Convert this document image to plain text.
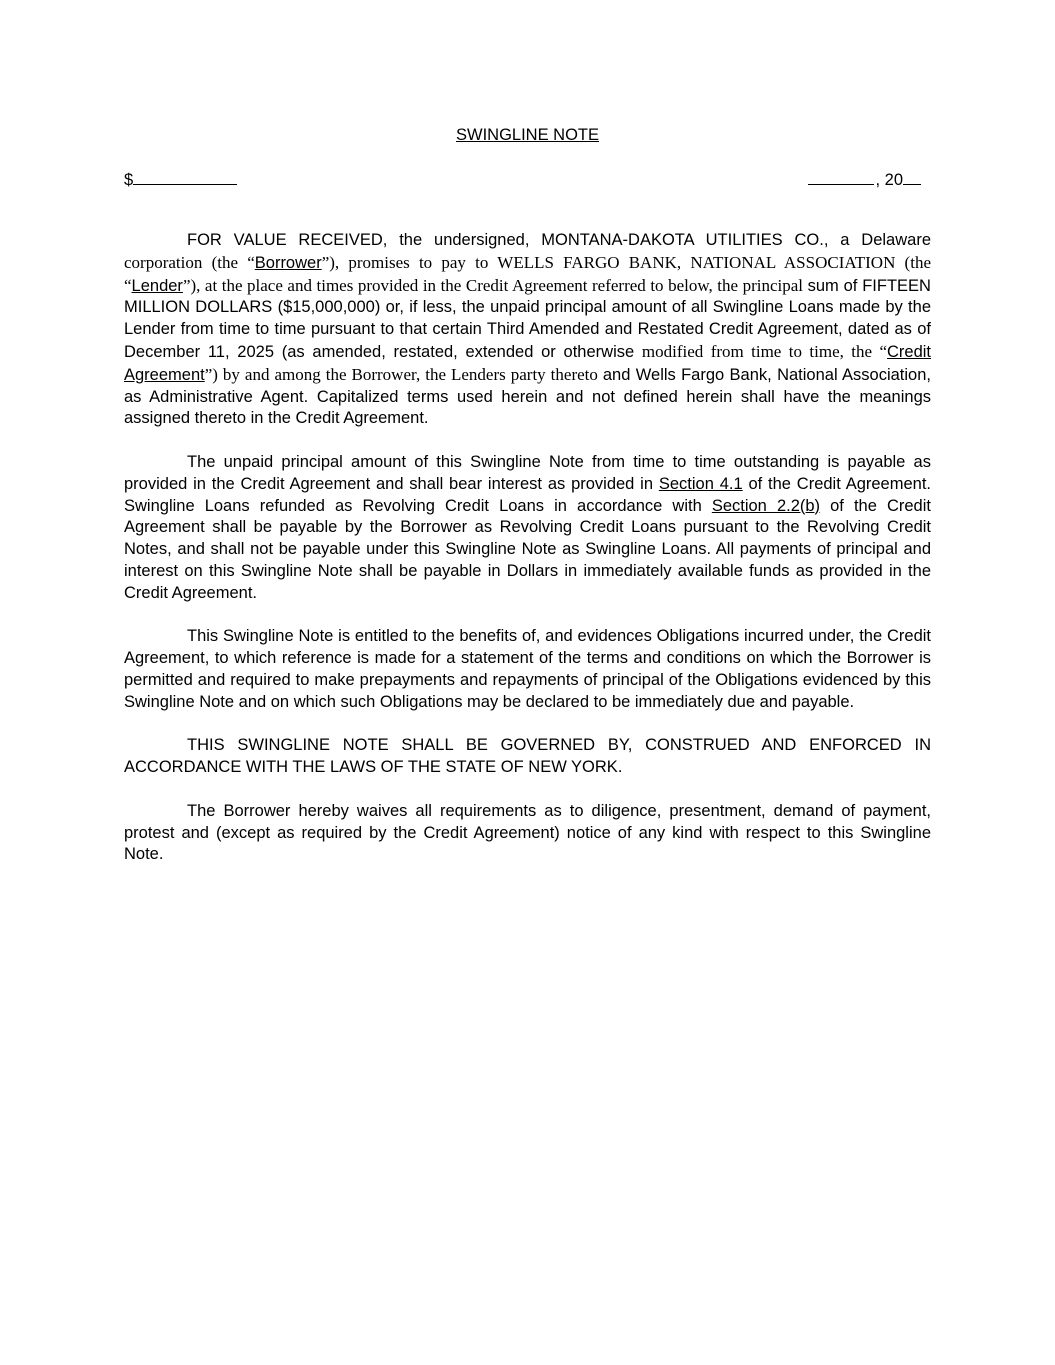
SWINGLINE NOTE
$	, 20

FOR VALUE RECEIVED, the undersigned, MONTANA-DAKOTA UTILITIES CO., a Delaware corporation (the “Borrower”), promises to pay to WELLS FARGO BANK, NATIONAL ASSOCIATION (the “Lender”), at the place and times provided in the Credit Agreement referred to below, the principal sum of FIFTEEN MILLION DOLLARS ($15,000,000) or, if less, the unpaid principal amount of all Swingline Loans made by the Lender from time to time pursuant to that certain Third Amended and Restated Credit Agreement, dated as of December 11, 2025 (as amended, restated, extended or otherwise modified from time to time, the “Credit Agreement”) by and among the Borrower, the Lenders party thereto and Wells Fargo Bank, National Association, as Administrative Agent. Capitalized terms used herein and not defined herein shall have the meanings assigned thereto in the Credit Agreement.

The unpaid principal amount of this Swingline Note from time to time outstanding is payable as provided in the Credit Agreement and shall bear interest as provided in Section 4.1 of the Credit Agreement. Swingline Loans refunded as Revolving Credit Loans in accordance with Section 2.2(b) of the Credit Agreement shall be payable by the Borrower as Revolving Credit Loans pursuant to the Revolving Credit Notes, and shall not be payable under this Swingline Note as Swingline Loans. All payments of principal and interest on this Swingline Note shall be payable in Dollars in immediately available funds as provided in the Credit Agreement.

This Swingline Note is entitled to the benefits of, and evidences Obligations incurred under, the Credit Agreement, to which reference is made for a statement of the terms and conditions on which the Borrower is permitted and required to make prepayments and repayments of principal of the Obligations evidenced by this Swingline Note and on which such Obligations may be declared to be immediately due and payable.

THIS SWINGLINE NOTE SHALL BE GOVERNED BY, CONSTRUED AND ENFORCED IN ACCORDANCE WITH THE LAWS OF THE STATE OF NEW YORK.

The Borrower hereby waives all requirements as to diligence, presentment, demand of payment, protest and (except as required by the Credit Agreement) notice of any kind with respect to this Swingline Note.
